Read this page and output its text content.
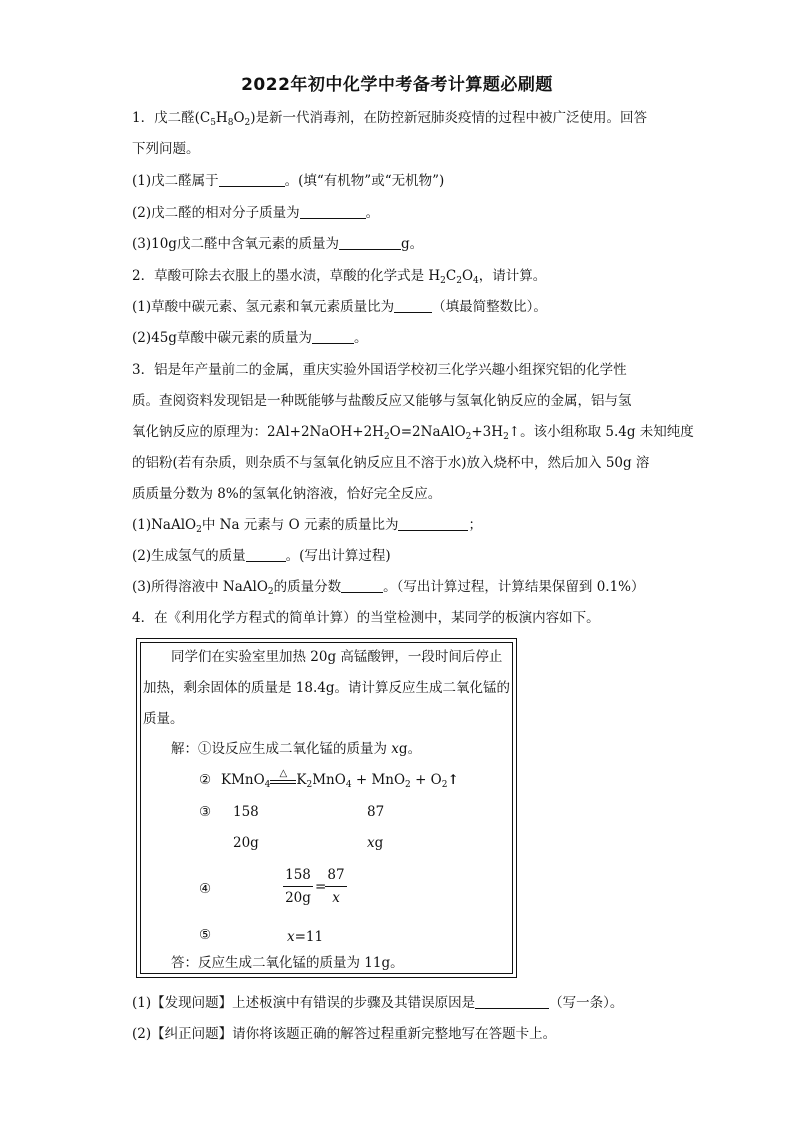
2022年初中化学中考备考计算题必刷题
1．戊二醛$(C_5H_8O_2)$是新一代消毒剂，在防控新冠肺炎疫情的过程中被广泛使用。回答
下列问题。
(1)戊二醛属于	。(填“有机物”或“无机物”)
(2)戊二醛的相对分子质量为	。
(3)10g戊二醛中含氧元素的质量为	g。
2．草酸可除去衣服上的墨水渍，草酸的化学式是 $H_2C_2O_4$，请计算。
(1)草酸中碳元素、氢元素和氧元素质量比为	（填最简整数比）。
(2)45g草酸中碳元素的质量为	。
3．铝是年产量前二的金属，重庆实验外国语学校初三化学兴趣小组探究铝的化学性
质。查阅资料发现铝是一种既能够与盐酸反应又能够与氢氧化钠反应的金属，铝与氢
氧化钠反应的原理为：$2Al+2NaOH+2H_2O=2NaAlO_2+3H_2↑$。该小组称取 5.4g 未知纯度
的铝粉(若有杂质，则杂质不与氢氧化钠反应且不溶于水)放入烧杯中，然后加入 50g 溶
质质量分数为 8%的氢氧化钠溶液，恰好完全反应。
(1)NaAlO$_2$中 Na 元素与 O 元素的质量比为	；
(2)生成氢气的质量	。(写出计算过程)
(3)所得溶液中 NaAlO$_2$的质量分数	。（写出计算过程，计算结果保留到 0.1%）
4．在《利用化学方程式的简单计算）的当堂检测中，某同学的板演内容如下。
同学们在实验室里加热 20g 高锰酸钾，一段时间后停止
加热，剩余固体的质量是 18.4g。请计算反应生成二氧化锰的
质量。
解：①设反应生成二氧化锰的质量为 xg。
② KMnO$_4$
△ $K_2MnO_4 + MnO_2$ + $O_2↑$
③ 158	87
20g	xg
④
158
20g
=
87
x
⑤	x=11
答：反应生成二氧化锰的质量为 11g。
(1)【发现问题】上述板演中有错误的步骤及其错误原因是	（写一条）。
(2)【纠正问题】请你将该题正确的解答过程重新完整地写在答题卡上。
